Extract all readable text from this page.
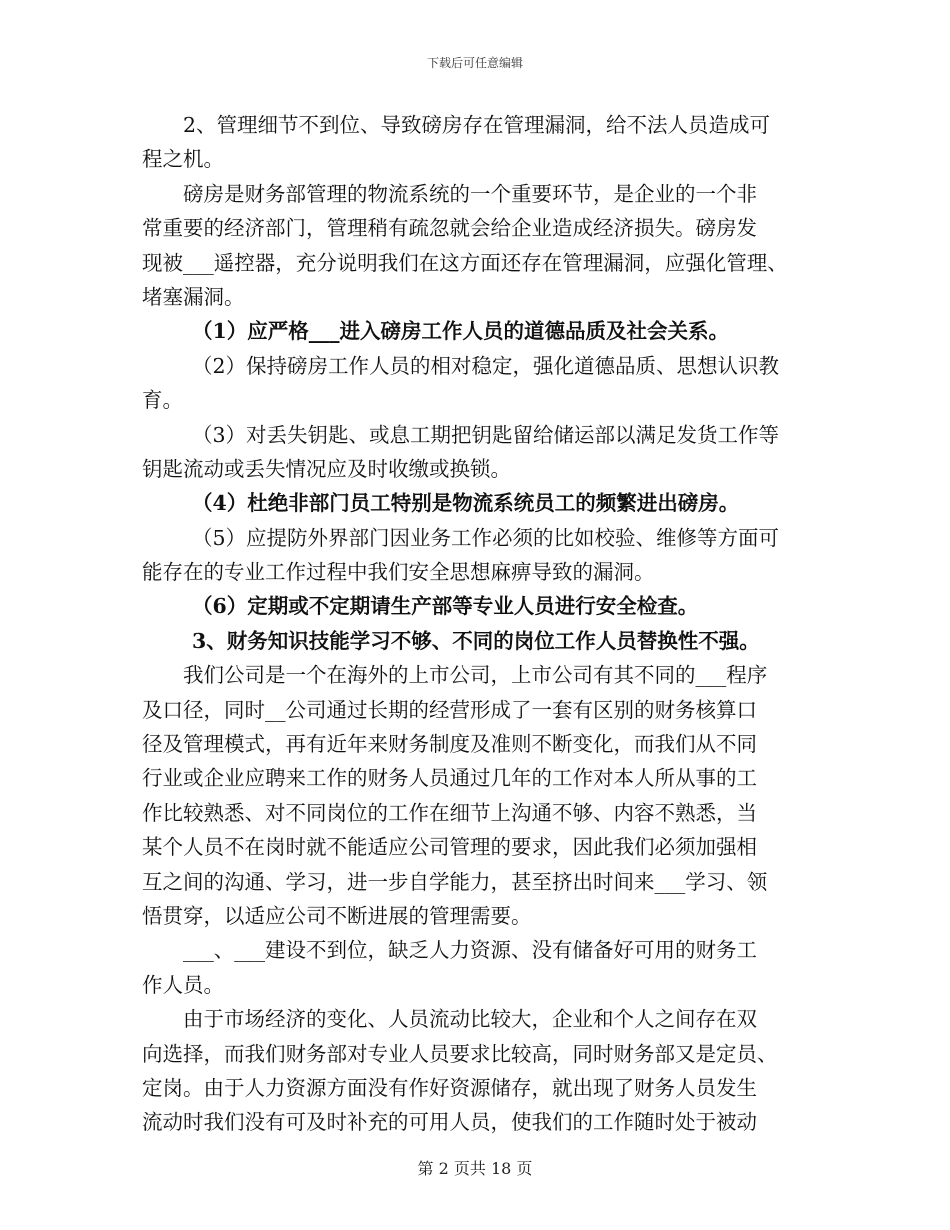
下载后可任意编辑
2、管理细节不到位、导致磅房存在管理漏洞，给不法人员造成可
程之机。
磅房是财务部管理的物流系统的一个重要环节，是企业的一个非
常重要的经济部门，管理稍有疏忽就会给企业造成经济损失。磅房发
现被___遥控器，充分说明我们在这方面还存在管理漏洞，应强化管理、
堵塞漏洞。
（1）应严格___进入磅房工作人员的道德品质及社会关系。
（2）保持磅房工作人员的相对稳定，强化道德品质、思想认识教
育。
（3）对丢失钥匙、或息工期把钥匙留给储运部以满足发货工作等
钥匙流动或丢失情况应及时收缴或换锁。
（4）杜绝非部门员工特别是物流系统员工的频繁进出磅房。
（5）应提防外界部门因业务工作必须的比如校验、维修等方面可
能存在的专业工作过程中我们安全思想麻痹导致的漏洞。
（6）定期或不定期请生产部等专业人员进行安全检查。
3、财务知识技能学习不够、不同的岗位工作人员替换性不强。
我们公司是一个在海外的上市公司，上市公司有其不同的___程序
及口径，同时__公司通过长期的经营形成了一套有区别的财务核算口
径及管理模式，再有近年来财务制度及准则不断变化，而我们从不同
行业或企业应聘来工作的财务人员通过几年的工作对本人所从事的工
作比较熟悉、对不同岗位的工作在细节上沟通不够、内容不熟悉，当
某个人员不在岗时就不能适应公司管理的要求，因此我们必须加强相
互之间的沟通、学习，进一步自学能力，甚至挤出时间来___学习、领
悟贯穿，以适应公司不断进展的管理需要。
___、___建设不到位，缺乏人力资源、没有储备好可用的财务工
作人员。
由于市场经济的变化、人员流动比较大，企业和个人之间存在双
向选择，而我们财务部对专业人员要求比较高，同时财务部又是定员、
定岗。由于人力资源方面没有作好资源储存，就出现了财务人员发生
流动时我们没有可及时补充的可用人员，使我们的工作随时处于被动
第 2 页共 18 页
